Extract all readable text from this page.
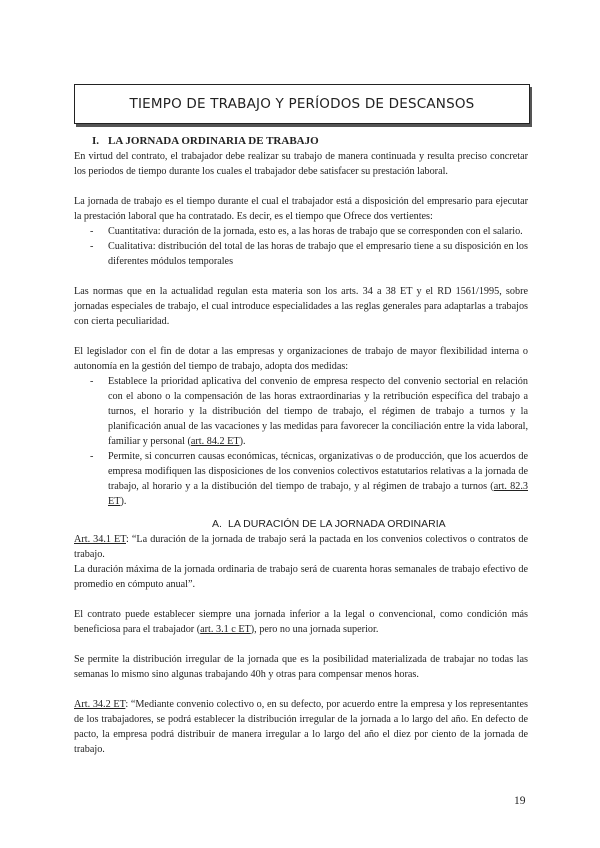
TIEMPO DE TRABAJO Y PERÍODOS DE DESCANSOS
I. LA JORNADA ORDINARIA DE TRABAJO

En virtud del contrato, el trabajador debe realizar su trabajo de manera continuada y resulta preciso concretar los periodos de tiempo durante los cuales el trabajador debe satisfacer su prestación laboral.

La jornada de trabajo es el tiempo durante el cual el trabajador está a disposición del empresario para ejecutar la prestación laboral que ha contratado. Es decir, es el tiempo que Ofrece dos vertientes:

- Cuantitativa: duración de la jornada, esto es, a las horas de trabajo que se corresponden con el salario.
- Cualitativa: distribución del total de las horas de trabajo que el empresario tiene a su disposición en los diferentes módulos temporales

Las normas que en la actualidad regulan esta materia son los arts. 34 a 38 ET y el RD 1561/1995, sobre jornadas especiales de trabajo, el cual introduce especialidades a las reglas generales para adaptarlas a trabajos con cierta peculiaridad.

El legislador con el fin de dotar a las empresas y organizaciones de trabajo de mayor flexibilidad interna o autonomía en la gestión del tiempo de trabajo, adopta dos medidas:

- Establece la prioridad aplicativa del convenio de empresa respecto del convenio sectorial en relación con el abono o la compensación de las horas extraordinarias y la retribución específica del trabajo a turnos, el horario y la distribución del tiempo de trabajo, el régimen de trabajo a turnos y la planificación anual de las vacaciones y las medidas para favorecer la conciliación entre la vida laboral, familiar y personal (art. 84.2 ET).
- Permite, si concurren causas económicas, técnicas, organizativas o de producción, que los acuerdos de empresa modifiquen las disposiciones de los convenios colectivos estatutarios relativas a la jornada de trabajo, al horario y a la distibución del tiempo de trabajo, y al régimen de trabajo a turnos (art. 82.3 ET).
A. LA DURACIÓN DE LA JORNADA ORDINARIA

Art. 34.1 ET: “La duración de la jornada de trabajo será la pactada en los convenios colectivos o contratos de trabajo.

La duración máxima de la jornada ordinaria de trabajo será de cuarenta horas semanales de trabajo efectivo de promedio en cómputo anual”.

El contrato puede establecer siempre una jornada inferior a la legal o convencional, como condición más beneficiosa para el trabajador (art. 3.1 c ET), pero no una jornada superior.

Se permite la distribución irregular de la jornada que es la posibilidad materializada de trabajar no todas las semanas lo mismo sino algunas trabajando 40h y otras para compensar menos horas.

Art. 34.2 ET: “Mediante convenio colectivo o, en su defecto, por acuerdo entre la empresa y los representantes de los trabajadores, se podrá establecer la distribución irregular de la jornada a lo largo del año. En defecto de pacto, la empresa podrá distribuir de manera irregular a lo largo del año el diez por ciento de la jornada de trabajo.

19
